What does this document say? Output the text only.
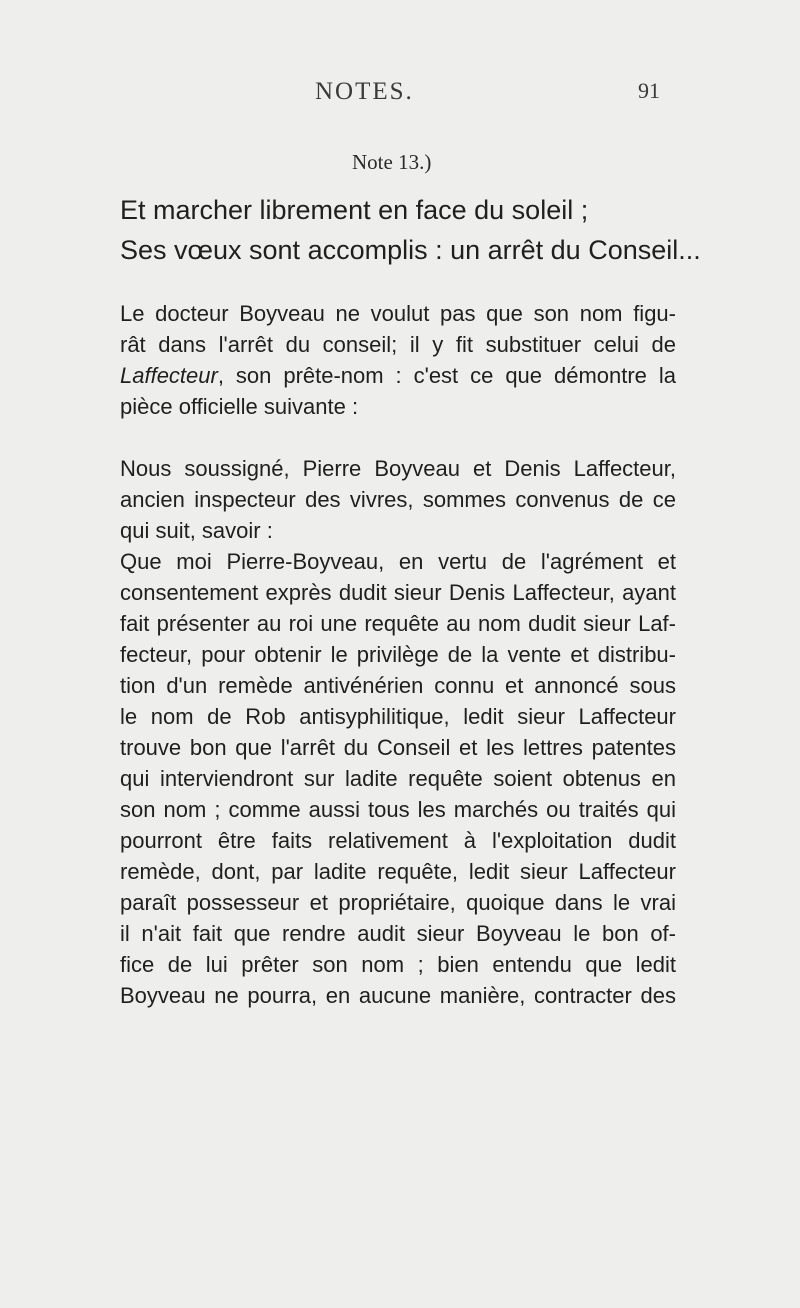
NOTES.	91
Note 13.)
Et marcher librement en face du soleil ;
Ses vœux sont accomplis : un arrêt du Conseil...

Le docteur Boyveau ne voulut pas que son nom figu-
rât dans l'arrêt du conseil; il y fit substituer celui de
Laffecteur, son prête-nom : c'est ce que démontre la
pièce officielle suivante :

Nous soussigné, Pierre Boyveau et Denis Laffecteur,
ancien inspecteur des vivres, sommes convenus de ce
qui suit, savoir :

Que moi Pierre-Boyveau, en vertu de l'agrément et
consentement exprès dudit sieur Denis Laffecteur, ayant
fait présenter au roi une requête au nom dudit sieur Laf-
fecteur, pour obtenir le privilège de la vente et distribu-
tion d'un remède antivénérien connu et annoncé sous
le nom de Rob antisyphilitique, ledit sieur Laffecteur
trouve bon que l'arrêt du Conseil et les lettres patentes
qui interviendront sur ladite requête soient obtenus en
son nom ; comme aussi tous les marchés ou traités qui
pourront être faits relativement à l'exploitation dudit
remède, dont, par ladite requête, ledit sieur Laffecteur
paraît possesseur et propriétaire, quoique dans le vrai
il n'ait fait que rendre audit sieur Boyveau le bon of-
fice de lui prêter son nom ; bien entendu que ledit
Boyveau ne pourra, en aucune manière, contracter des
